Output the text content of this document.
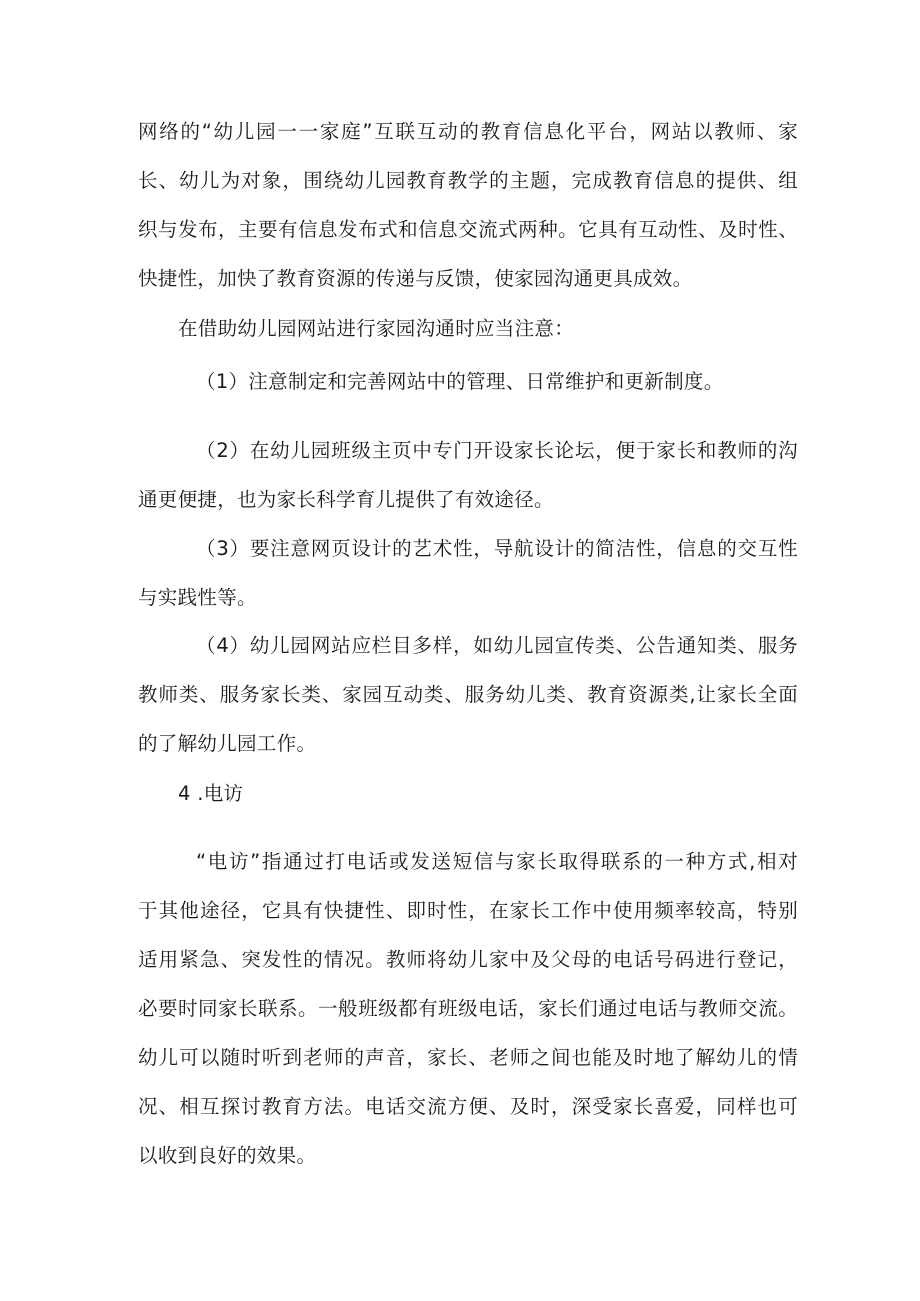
网络的“幼儿园一一家庭”互联互动的教育信息化平台，网站以教师、家
长、幼儿为对象，围绕幼儿园教育教学的主题，完成教育信息的提供、组
织与发布，主要有信息发布式和信息交流式两种。它具有互动性、及时性、
快捷性，加快了教育资源的传递与反馈，使家园沟通更具成效。
在借助幼儿园网站进行家园沟通时应当注意：
（1）注意制定和完善网站中的管理、日常维护和更新制度。
（2）在幼儿园班级主页中专门开设家长论坛，便于家长和教师的沟
通更便捷，也为家长科学育儿提供了有效途径。
（3）要注意网页设计的艺术性，导航设计的简洁性，信息的交互性
与实践性等。
（4）幼儿园网站应栏目多样，如幼儿园宣传类、公告通知类、服务
教师类、服务家长类、家园互动类、服务幼儿类、教育资源类,让家长全面
的了解幼儿园工作。
4 .电访
“电访”指通过打电话或发送短信与家长取得联系的一种方式,相对
于其他途径，它具有快捷性、即时性，在家长工作中使用频率较高，特别
适用紧急、突发性的情况。教师将幼儿家中及父母的电话号码进行登记，
必要时同家长联系。一般班级都有班级电话，家长们通过电话与教师交流。
幼儿可以随时听到老师的声音，家长、老师之间也能及时地了解幼儿的情
况、相互探讨教育方法。电话交流方便、及时，深受家长喜爱，同样也可
以收到良好的效果。
